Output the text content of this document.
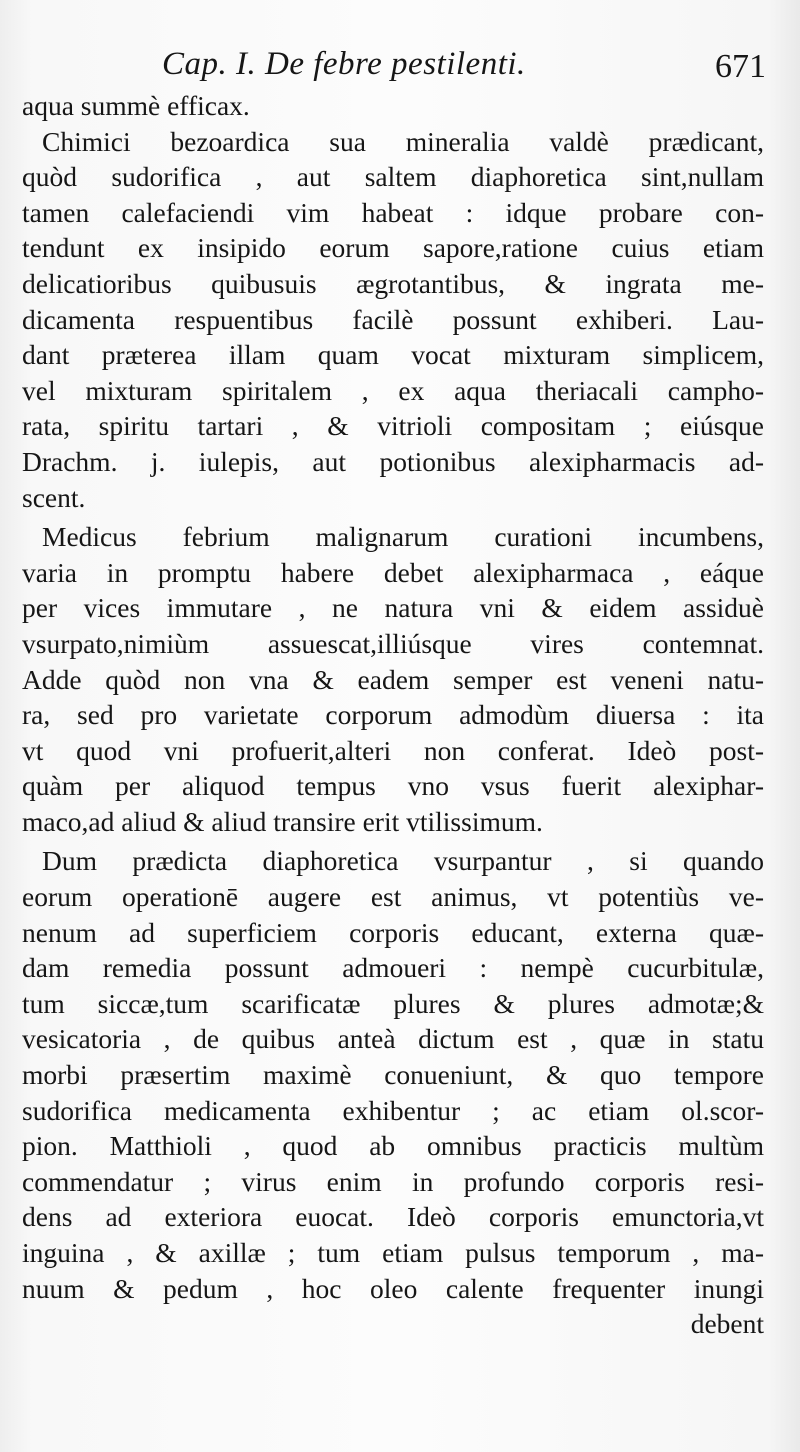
Cap. I. De febre pestilenti.	671
aqua summè efficax.
Chimici bezoardica sua mineralia valdè prædicant,
quòd sudorifica , aut saltem diaphoretica sint,nullam
tamen calefaciendi vim habeat : idque probare con-
tendunt ex insipido eorum sapore,ratione cuius etiam
delicatioribus quibusuis ægrotantibus, & ingrata me-
dicamenta respuentibus facilè possunt exhiberi. Lau-
dant præterea illam quam vocat mixturam simplicem,
vel mixturam spiritalem , ex aqua theriacali campho-
rata, spiritu tartari , & vitrioli compositam ; eiúsque
Drachm. j. iulepis, aut potionibus alexipharmacis ad-
scent.
Medicus febrium malignarum curationi incumbens,
varia in promptu habere debet alexipharmaca , eáque
per vices immutare , ne natura vni & eidem assiduè
vsurpato,nimiùm assuescat,illiúsque vires contemnat.
Adde quòd non vna & eadem semper est veneni natu-
ra, sed pro varietate corporum admodùm diuersa : ita
vt quod vni profuerit,alteri non conferat. Ideò post-
quàm per aliquod tempus vno vsus fuerit alexiphar-
maco,ad aliud & aliud transire erit vtilissimum.
Dum prædicta diaphoretica vsurpantur , si quando
eorum operationē augere est animus, vt potentiùs ve-
nenum ad superficiem corporis educant, externa quæ-
dam remedia possunt admoueri : nempè cucurbitulæ,
tum siccæ,tum scarificatæ plures & plures admotæ;&
vesicatoria , de quibus anteà dictum est , quæ in statu
morbi præsertim maximè conueniunt, & quo tempore
sudorifica medicamenta exhibentur ; ac etiam ol.scor-
pion. Matthioli , quod ab omnibus practicis multùm
commendatur ; virus enim in profundo corporis resi-
dens ad exteriora euocat. Ideò corporis emunctoria,vt
inguina , & axillæ ; tum etiam pulsus temporum , ma-
nuum & pedum , hoc oleo calente frequenter inungi
debent
